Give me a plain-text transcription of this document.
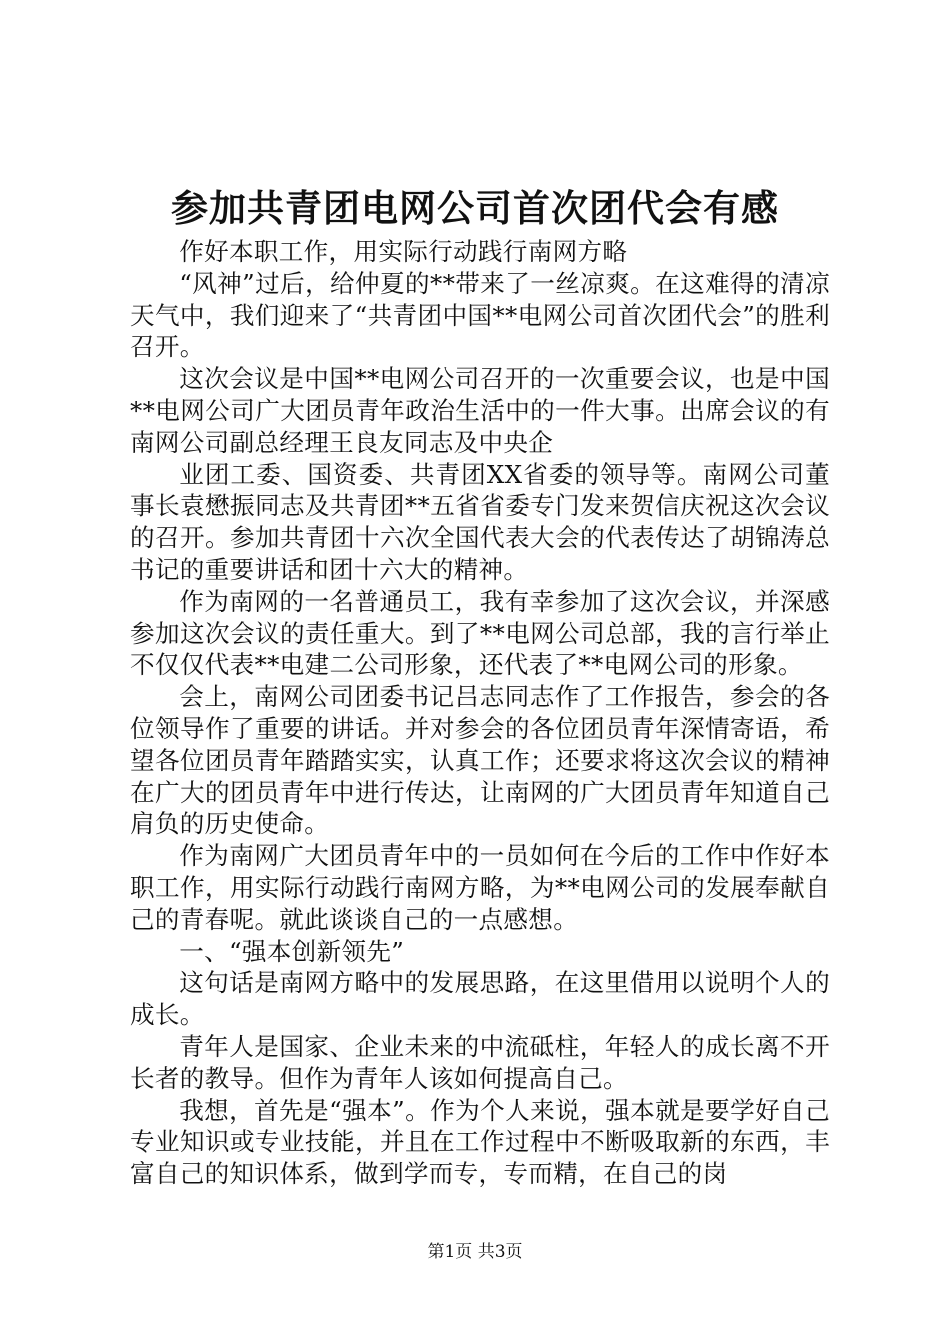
参加共青团电网公司首次团代会有感

作好本职工作，用实际行动践行南网方略

“风神”过后，给仲夏的**带来了一丝凉爽。在这难得的清凉天气中，我们迎来了“共青团中国**电网公司首次团代会”的胜利召开。

这次会议是中国**电网公司召开的一次重要会议，也是中国**电网公司广大团员青年政治生活中的一件大事。出席会议的有南网公司副总经理王良友同志及中央企

业团工委、国资委、共青团XX省委的领导等。南网公司董事长袁懋振同志及共青团**五省省委专门发来贺信庆祝这次会议的召开。参加共青团十六次全国代表大会的代表传达了胡锦涛总书记的重要讲话和团十六大的精神。

作为南网的一名普通员工，我有幸参加了这次会议，并深感参加这次会议的责任重大。到了**电网公司总部，我的言行举止不仅仅代表**电建二公司形象，还代表了**电网公司的形象。

会上，南网公司团委书记吕志同志作了工作报告，参会的各位领导作了重要的讲话。并对参会的各位团员青年深情寄语，希望各位团员青年踏踏实实，认真工作；还要求将这次会议的精神在广大的团员青年中进行传达，让南网的广大团员青年知道自己肩负的历史使命。

作为南网广大团员青年中的一员如何在今后的工作中作好本职工作，用实际行动践行南网方略，为**电网公司的发展奉献自己的青春呢。就此谈谈自己的一点感想。

一、“强本创新领先”

这句话是南网方略中的发展思路，在这里借用以说明个人的成长。

青年人是国家、企业未来的中流砥柱，年轻人的成长离不开长者的教导。但作为青年人该如何提高自己。

我想，首先是“强本”。作为个人来说，强本就是要学好自己专业知识或专业技能，并且在工作过程中不断吸取新的东西，丰富自己的知识体系，做到学而专，专而精，在自己的岗

第1页 共3页
